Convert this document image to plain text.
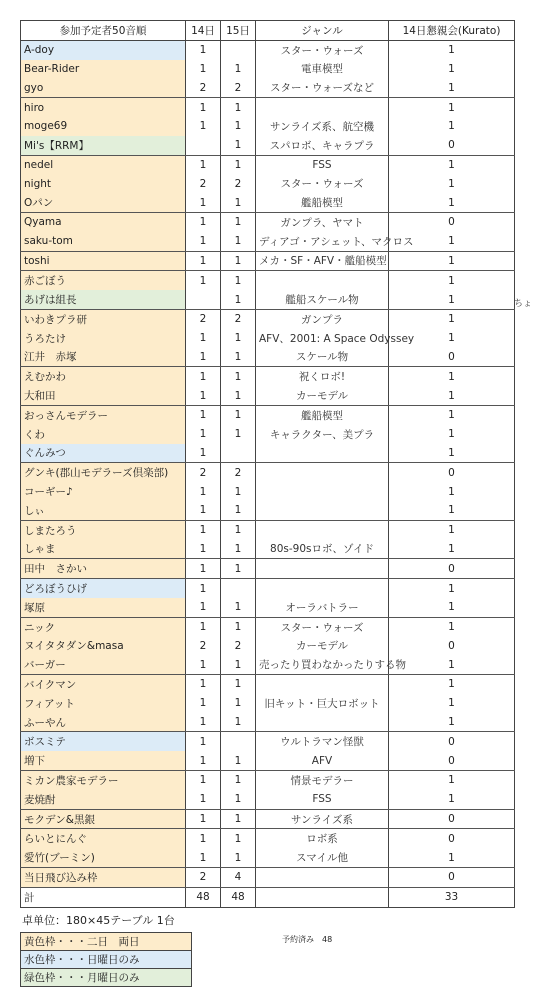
参加予定者50音順	14日	15日	ジャンル	14日懇親会(Kurato)
A-doy	1		スター・ウォーズ	1
Bear-Rider	1	1	電車模型	1
gyo	2	2	スター・ウォーズなど	1
hiro	1	1		1
moge69	1	1	サンライズ系、航空機	1
Mi's【RRM】		1	スパロボ、キャラプラ	0
nedel	1	1	FSS	1
night	2	2	スター・ウォーズ	1
Oパン	1	1	艦船模型	1
Qyama	1	1	ガンプラ、ヤマト	0
saku-tom	1	1	ディアゴ・アシェット、マクロス	1
toshi	1	1	メカ・SF・AFV・艦船模型	1
赤ごぼう	1	1		1
あげは組長		1	艦船スケール物	1
いわきプラ研	2	2	ガンプラ	1
うろたけ	1	1	AFV、2001: A Space Odyssey	1
江井　赤塚	1	1	スケール物	0
えむかわ	1	1	祝くロボ!	1
大和田	1	1	カーモデル	1
おっさんモデラー	1	1	艦船模型	1
くわ	1	1	キャラクター、美プラ	1
ぐんみつ	1			1
グンキ(郡山モデラーズ倶楽部)	2	2		0
コーギー♪	1	1		1
しぃ	1	1		1
しまたろう	1	1		1
しゃま	1	1	80s-90sロボ、ゾイド	1
田中　さかい	1	1		0
どろぼうひげ	1			1
塚原	1	1	オーラバトラー	1
ニック	1	1	スター・ウォーズ	1
ヌイタタダン&masa	2	2	カーモデル	0
バーガー	1	1	売ったり買わなかったりする物	1
バイクマン	1	1		1
フィアット	1	1	旧キット・巨大ロボット	1
ふーやん	1	1		1
ボスミテ	1		ウルトラマン怪獣	0
増下	1	1	AFV	0
ミカン農家モデラー	1	1	情景モデラー	1
麦焼酎	1	1	FSS	1
モクデン&黒銀	1	1	サンライズ系	0
らいとにんぐ	1	1	ロボ系	0
愛竹(ブーミン)	1	1	スマイル他	1
当日飛び込み枠	2	4		0
計	48	48		33
ちょ
卓单位：180×45テーブル 1台
黄色枠・・・二日　両日
水色枠・・・日曜日のみ
緑色枠・・・月曜日のみ
予約済み　48
